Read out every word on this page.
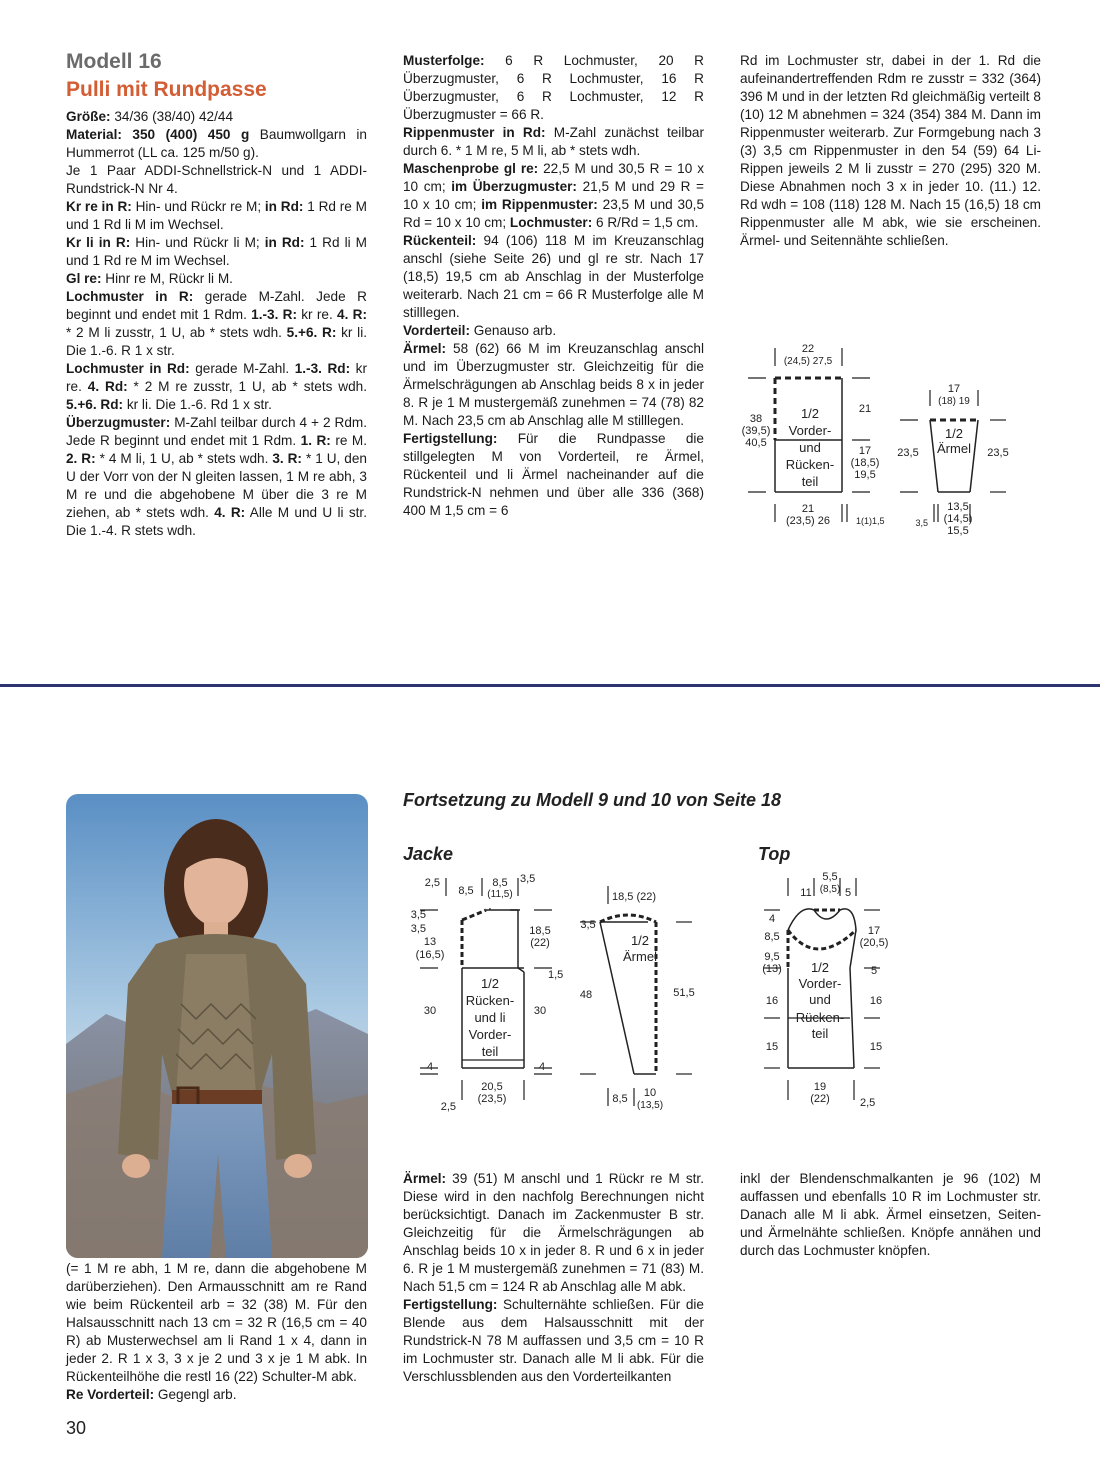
Modell 16
Pulli mit Rundpasse

Größe: 34/36 (38/40) 42/44

Material: 350 (400) 450 g Baumwollgarn in Hummerrot (LL ca. 125 m/50 g).

Je 1 Paar ADDI-Schnellstrick-N und 1 ADDI-Rundstrick-N Nr 4.

Kr re in R: Hin- und Rückr re M; in Rd: 1 Rd re M und 1 Rd li M im Wechsel.

Kr li in R: Hin- und Rückr li M; in Rd: 1 Rd li M und 1 Rd re M im Wechsel.

Gl re: Hinr re M, Rückr li M.

Lochmuster in R: gerade M-Zahl. Jede R beginnt und endet mit 1 Rdm. 1.-3. R: kr re. 4. R: * 2 M li zusstr, 1 U, ab * stets wdh. 5.+6. R: kr li. Die 1.-6. R 1 x str.

Lochmuster in Rd: gerade M-Zahl. 1.-3. Rd: kr re. 4. Rd: * 2 M re zusstr, 1 U, ab * stets wdh. 5.+6. Rd: kr li. Die 1.-6. Rd 1 x str.

Überzugmuster: M-Zahl teilbar durch 4 + 2 Rdm. Jede R beginnt und endet mit 1 Rdm. 1. R: re M. 2. R: * 4 M li, 1 U, ab * stets wdh. 3. R: * 1 U, den U der Vorr von der N gleiten lassen, 1 M re abh, 3 M re und die abgehobene M über die 3 re M ziehen, ab * stets wdh. 4. R: Alle M und U li str. Die 1.-4. R stets wdh.

Musterfolge: 6 R Lochmuster, 20 R Überzugmuster, 6 R Lochmuster, 16 R Überzugmuster, 6 R Lochmuster, 12 R Überzugmuster = 66 R.

Rippenmuster in Rd: M-Zahl zunächst teilbar durch 6. * 1 M re, 5 M li, ab * stets wdh.

Maschenprobe gl re: 22,5 M und 30,5 R = 10 x 10 cm; im Überzugmuster: 21,5 M und 29 R = 10 x 10 cm; im Rippenmuster: 23,5 M und 30,5 Rd = 10 x 10 cm; Lochmuster: 6 R/Rd = 1,5 cm.

Rückenteil: 94 (106) 118 M im Kreuzanschlag anschl (siehe Seite 26) und gl re str. Nach 17 (18,5) 19,5 cm ab Anschlag in der Musterfolge weiterarb. Nach 21 cm = 66 R Musterfolge alle M stilllegen.

Vorderteil: Genauso arb.

Ärmel: 58 (62) 66 M im Kreuzanschlag anschl und im Überzugmuster str. Gleichzeitig für die Ärmelschrägungen ab Anschlag beids 8 x in jeder 8. R je 1 M mustergemäß zunehmen = 74 (78) 82 M. Nach 23,5 cm ab Anschlag alle M stilllegen.

Fertigstellung: Für die Rundpasse die stillgelegten M von Vorderteil, re Ärmel, Rückenteil und li Ärmel nacheinander auf die Rundstrick-N nehmen und über alle 336 (368) 400 M 1,5 cm = 6

Rd im Lochmuster str, dabei in der 1. Rd die aufeinandertreffenden Rdm re zusstr = 332 (364) 396 M und in der letzten Rd gleichmäßig verteilt 8 (10) 12 M abnehmen = 324 (354) 384 M. Dann im Rippenmuster weiterarb. Zur Formgebung nach 3 (3) 3,5 cm Rippenmuster in den 54 (59) 64 Li-Rippen jeweils 2 M li zusstr = 270 (295) 320 M. Diese Abnahmen noch 3 x in jeder 10. (11.) 12. Rd wdh = 108 (118) 128 M. Nach 15 (16,5) 18 cm Rippenmuster alle M abk, wie sie erscheinen. Ärmel- und Seitennähte schließen.

22
(24,5) 27,5
1/2
Vorder-
und
Rücken-
teil
38
(39,5)
40,5
21
17
(18,5)
19,5
21
(23,5) 26	1(1)1,5
17
(18) 19
1/2
Ärmel
23,5	23,5
13,5
(14,5)
15,5
3,5
Fortsetzung zu Modell 9 und 10 von Seite 18
Jacke	Top
2,5
8,5
8,5
(11,5)
3,5
3,5
3,5
13
(16,5)
1/2
Rücken-
und li
Vorder-
teil
18,5
(22)
1,5
30	30
4	4
20,5
(23,5)
2,5
18,5 (22)
3,5
1/2
Ärmel
48	51,5
8,5 10
(13,5)
11
5,5
(8,5) 5
4
8,5
9,5
(13)
17
(20,5)
5
1/2
Vorder-
und
Rücken-
teil
16	16
15	15
19
(22)	2,5

(= 1 M re abh, 1 M re, dann die abgehobene M darüberziehen). Den Armausschnitt am re Rand wie beim Rückenteil arb = 32 (38) M. Für den Halsausschnitt nach 13 cm = 32 R (16,5 cm = 40 R) ab Musterwechsel am li Rand 1 x 4, dann in jeder 2. R 1 x 3, 3 x je 2 und 3 x je 1 M abk. In Rückenteilhöhe die restl 16 (22) Schulter-M abk.

Re Vorderteil: Gegengl arb.

Ärmel: 39 (51) M anschl und 1 Rückr re M str. Diese wird in den nachfolg Berechnungen nicht berücksichtigt. Danach im Zackenmuster B str. Gleichzeitig für die Ärmelschrägungen ab Anschlag beids 10 x in jeder 8. R und 6 x in jeder 6. R je 1 M mustergemäß zunehmen = 71 (83) M. Nach 51,5 cm = 124 R ab Anschlag alle M abk.

Fertigstellung: Schulternähte schließen. Für die Blende aus dem Halsausschnitt mit der Rundstrick-N 78 M auffassen und 3,5 cm = 10 R im Lochmuster str. Danach alle M li abk. Für die Verschlussblenden aus den Vorderteilkanten

inkl der Blendenschmalkanten je 96 (102) M auffassen und ebenfalls 10 R im Lochmuster str. Danach alle M li abk. Ärmel einsetzen, Seiten- und Ärmelnähte schließen. Knöpfe annähen und durch das Lochmuster knöpfen.

30
